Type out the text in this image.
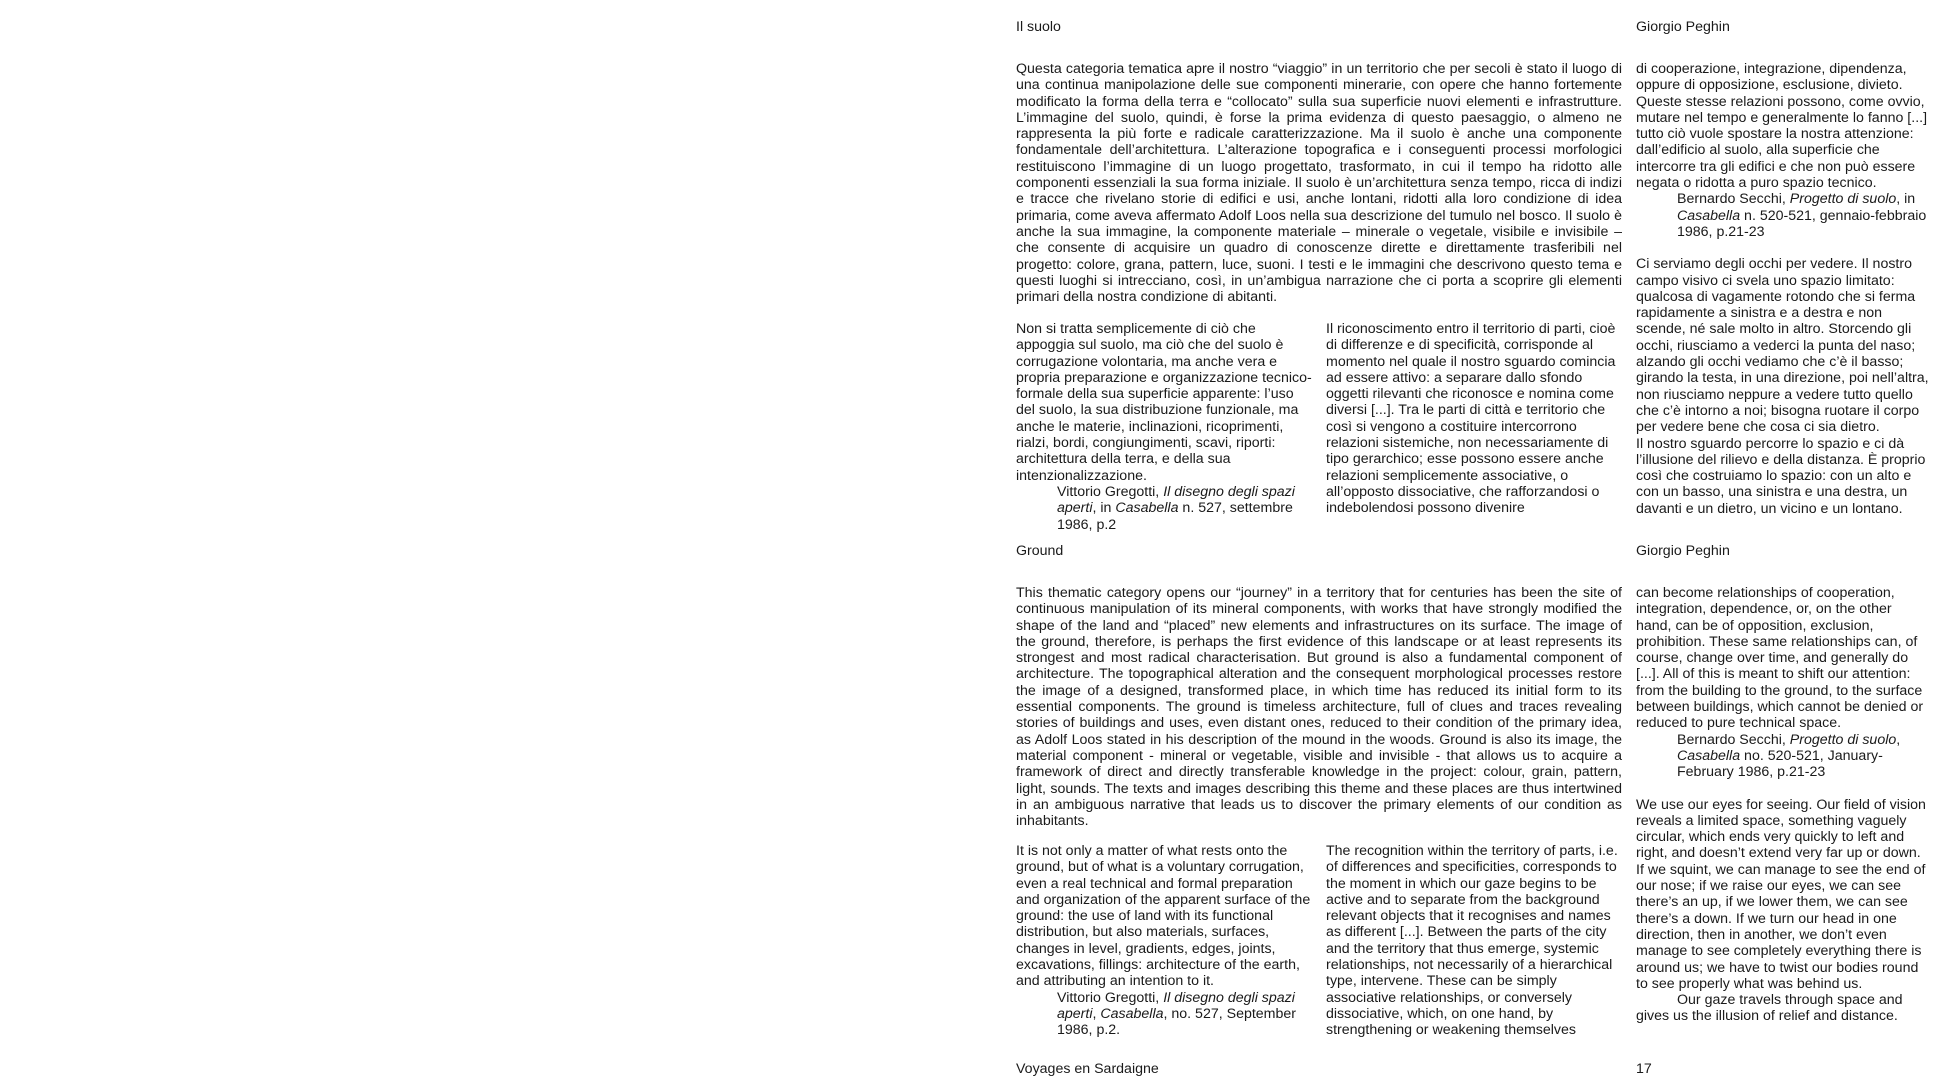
Il suolo	Giorgio Peghin
Questa categoria tematica apre il nostro “viaggio” in un territorio che per secoli è stato il luogo di una continua manipolazione delle sue componenti minerarie, con opere che hanno fortemente modificato la forma della terra e “collocato” sulla sua superficie nuovi elementi e infrastrutture. L’immagine del suolo, quindi, è forse la prima evidenza di questo paesaggio, o almeno ne rappresenta la più forte e radicale caratterizzazione. Ma il suolo è anche una componente fondamentale dell’architettura. L’alterazione topografica e i conseguenti processi morfologici restituiscono l’immagine di un luogo progettato, trasformato, in cui il tempo ha ridotto alle componenti essenziali la sua forma iniziale. Il suolo è un’architettura senza tempo, ricca di indizi e tracce che rivelano storie di edifici e usi, anche lontani, ridotti alla loro condizione di idea primaria, come aveva affermato Adolf Loos nella sua descrizione del tumulo nel bosco. Il suolo è anche la sua immagine, la componente materiale – minerale o vegetale, visibile e invisibile – che consente di acquisire un quadro di conoscenze dirette e direttamente trasferibili nel progetto: colore, grana, pattern, luce, suoni. I testi e le immagini che descrivono questo tema e questi luoghi si intrecciano, così, in un’ambigua narrazione che ci porta a scoprire gli elementi primari della nostra condizione di abitanti.

Non si tratta semplicemente di ciò che appoggia sul suolo, ma ciò che del suolo è corrugazione volontaria, ma anche vera e propria preparazione e organizzazione tecnico-formale della sua superficie apparente: l’uso del suolo, la sua distribuzione funzionale, ma anche le materie, inclinazioni, ricoprimenti, rialzi, bordi, congiungimenti, scavi, riporti: architettura della terra, e della sua intenzionalizzazione.

Vittorio Gregotti, Il disegno degli spazi aperti, in Casabella n. 527, settembre 1986, p.2

Il riconoscimento entro il territorio di parti, cioè di differenze e di specificità, corrisponde al momento nel quale il nostro sguardo comincia ad essere attivo: a separare dallo sfondo oggetti rilevanti che riconosce e nomina come diversi [...]. Tra le parti di città e territorio che così si vengono a costituire intercorrono relazioni sistemiche, non necessariamente di tipo gerarchico; esse possono essere anche relazioni semplicemente associative, o all’opposto dissociative, che rafforzandosi o indebolendosi possono divenire

di cooperazione, integrazione, dipendenza, oppure di opposizione, esclusione, divieto. Queste stesse relazioni possono, come ovvio, mutare nel tempo e generalmente lo fanno [...] tutto ciò vuole spostare la nostra attenzione: dall’edificio al suolo, alla superficie che intercorre tra gli edifici e che non può essere negata o ridotta a puro spazio tecnico.

Bernardo Secchi, Progetto di suolo, in Casabella n. 520-521, gennaio-febbraio 1986, p.21-23

Ci serviamo degli occhi per vedere. Il nostro campo visivo ci svela uno spazio limitato: qualcosa di vagamente rotondo che si ferma rapidamente a sinistra e a destra e non scende, né sale molto in altro. Storcendo gli occhi, riusciamo a vederci la punta del naso; alzando gli occhi vediamo che c’è il basso; girando la testa, in una direzione, poi nell’altra, non riusciamo neppure a vedere tutto quello che c’è intorno a noi; bisogna ruotare il corpo per vedere bene che cosa ci sia dietro.

Il nostro sguardo percorre lo spazio e ci dà l’illusione del rilievo e della distanza. È proprio così che costruiamo lo spazio: con un alto e con un basso, una sinistra e una destra, un davanti e un dietro, un vicino e un lontano.

Ground	Giorgio Peghin
This thematic category opens our “journey” in a territory that for centuries has been the site of continuous manipulation of its mineral components, with works that have strongly modified the shape of the land and “placed” new elements and infrastructures on its surface. The image of the ground, therefore, is perhaps the first evidence of this landscape or at least represents its strongest and most radical characterisation. But ground is also a fundamental component of architecture. The topographical alteration and the consequent morphological processes restore the image of a designed, transformed place, in which time has reduced its initial form to its essential components. The ground is timeless architecture, full of clues and traces revealing stories of buildings and uses, even distant ones, reduced to their condition of the primary idea, as Adolf Loos stated in his description of the mound in the woods. Ground is also its image, the material component - mineral or vegetable, visible and invisible - that allows us to acquire a framework of direct and directly transferable knowledge in the project: colour, grain, pattern, light, sounds. The texts and images describing this theme and these places are thus intertwined in an ambiguous narrative that leads us to discover the primary elements of our condition as inhabitants.

It is not only a matter of what rests onto the ground, but of what is a voluntary corrugation, even a real technical and formal preparation and organization of the apparent surface of the ground: the use of land with its functional distribution, but also materials, surfaces, changes in level, gradients, edges, joints, excavations, fillings: architecture of the earth, and attributing an intention to it.

Vittorio Gregotti, Il disegno degli spazi aperti, Casabella, no. 527, September 1986, p.2.

The recognition within the territory of parts, i.e. of differences and specificities, corresponds to the moment in which our gaze begins to be active and to separate from the background relevant objects that it recognises and names as different [...]. Between the parts of the city and the territory that thus emerge, systemic relationships, not necessarily of a hierarchical type, intervene. These can be simply associative relationships, or conversely dissociative, which, on one hand, by strengthening or weakening themselves

can become relationships of cooperation, integration, dependence, or, on the other hand, can be of opposition, exclusion, prohibition. These same relationships can, of course, change over time, and generally do [...]. All of this is meant to shift our attention: from the building to the ground, to the surface between buildings, which cannot be denied or reduced to pure technical space.

Bernardo Secchi, Progetto di suolo, Casabella no. 520-521, January-February 1986, p.21-23

We use our eyes for seeing. Our field of vision reveals a limited space, something vaguely circular, which ends very quickly to left and right, and doesn’t extend very far up or down. If we squint, we can manage to see the end of our nose; if we raise our eyes, we can see there’s an up, if we lower them, we can see there’s a down. If we turn our head in one direction, then in another, we don’t even manage to see completely everything there is around us; we have to twist our bodies round to see properly what was behind us.

Our gaze travels through space and gives us the illusion of relief and distance.

Voyages en Sardaigne	17
